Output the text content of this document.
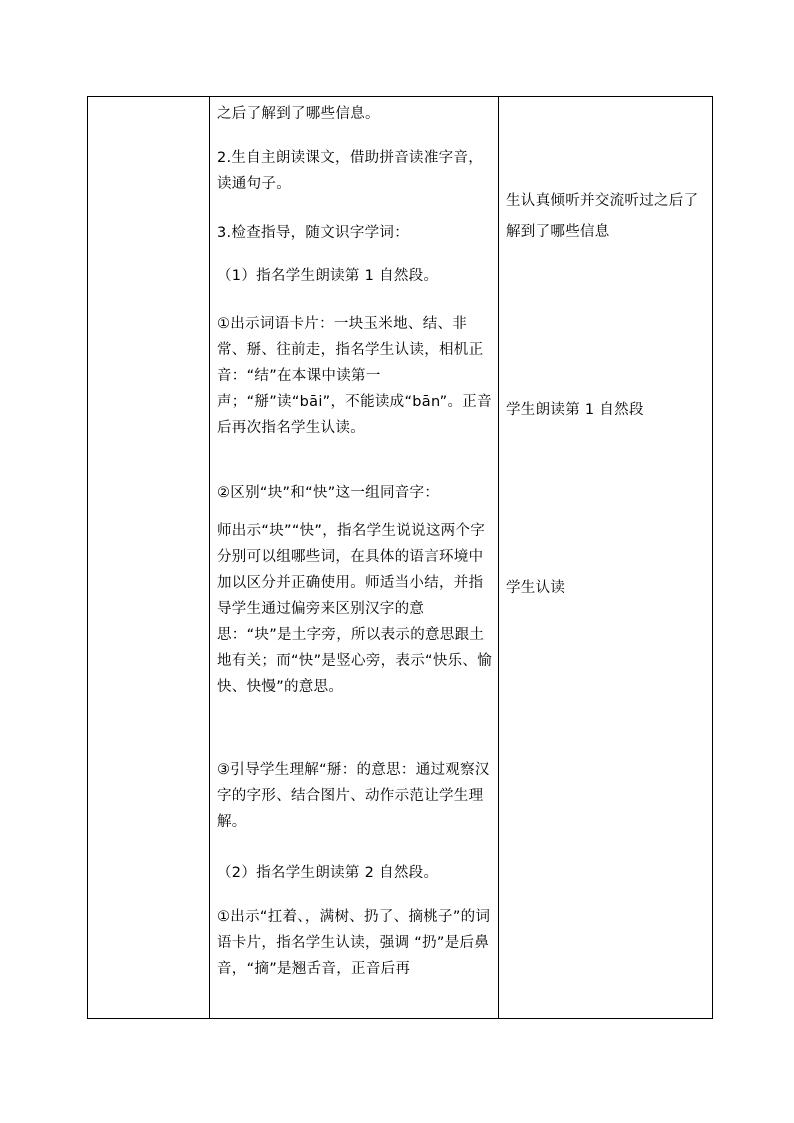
之后了解到了哪些信息。

2.生自主朗读课文，借助拼音读准字音，读通句子。

3.检查指导，随文识字学词：

（1）指名学生朗读第 1 自然段。

①出示词语卡片：一块玉米地、结、非常、掰、往前走，指名学生认读，相机正音：“结”在本课中读第一声；“掰”读“bāi”，不能读成“bān”。正音后再次指名学生认读。

②区别“块”和“快”这一组同音字：

师出示“块”“快”，指名学生说说这两个字分别可以组哪些词，在具体的语言环境中加以区分并正确使用。师适当小结，并指导学生通过偏旁来区别汉字的意思：“块”是土字旁，所以表示的意思跟土地有关；而“快”是竖心旁，表示“快乐、愉快、快慢”的意思。

③引导学生理解“掰：的意思：通过观察汉字的字形、结合图片、动作示范让学生理解。

（2）指名学生朗读第 2 自然段。

①出示“扛着、，满树、扔了、摘桃子”的词语卡片，指名学生认读，强调 “扔”是后鼻音，“摘”是翘舌音，正音后再

生认真倾听并交流听过之后了解到了哪些信息

学生朗读第 1 自然段

学生认读
